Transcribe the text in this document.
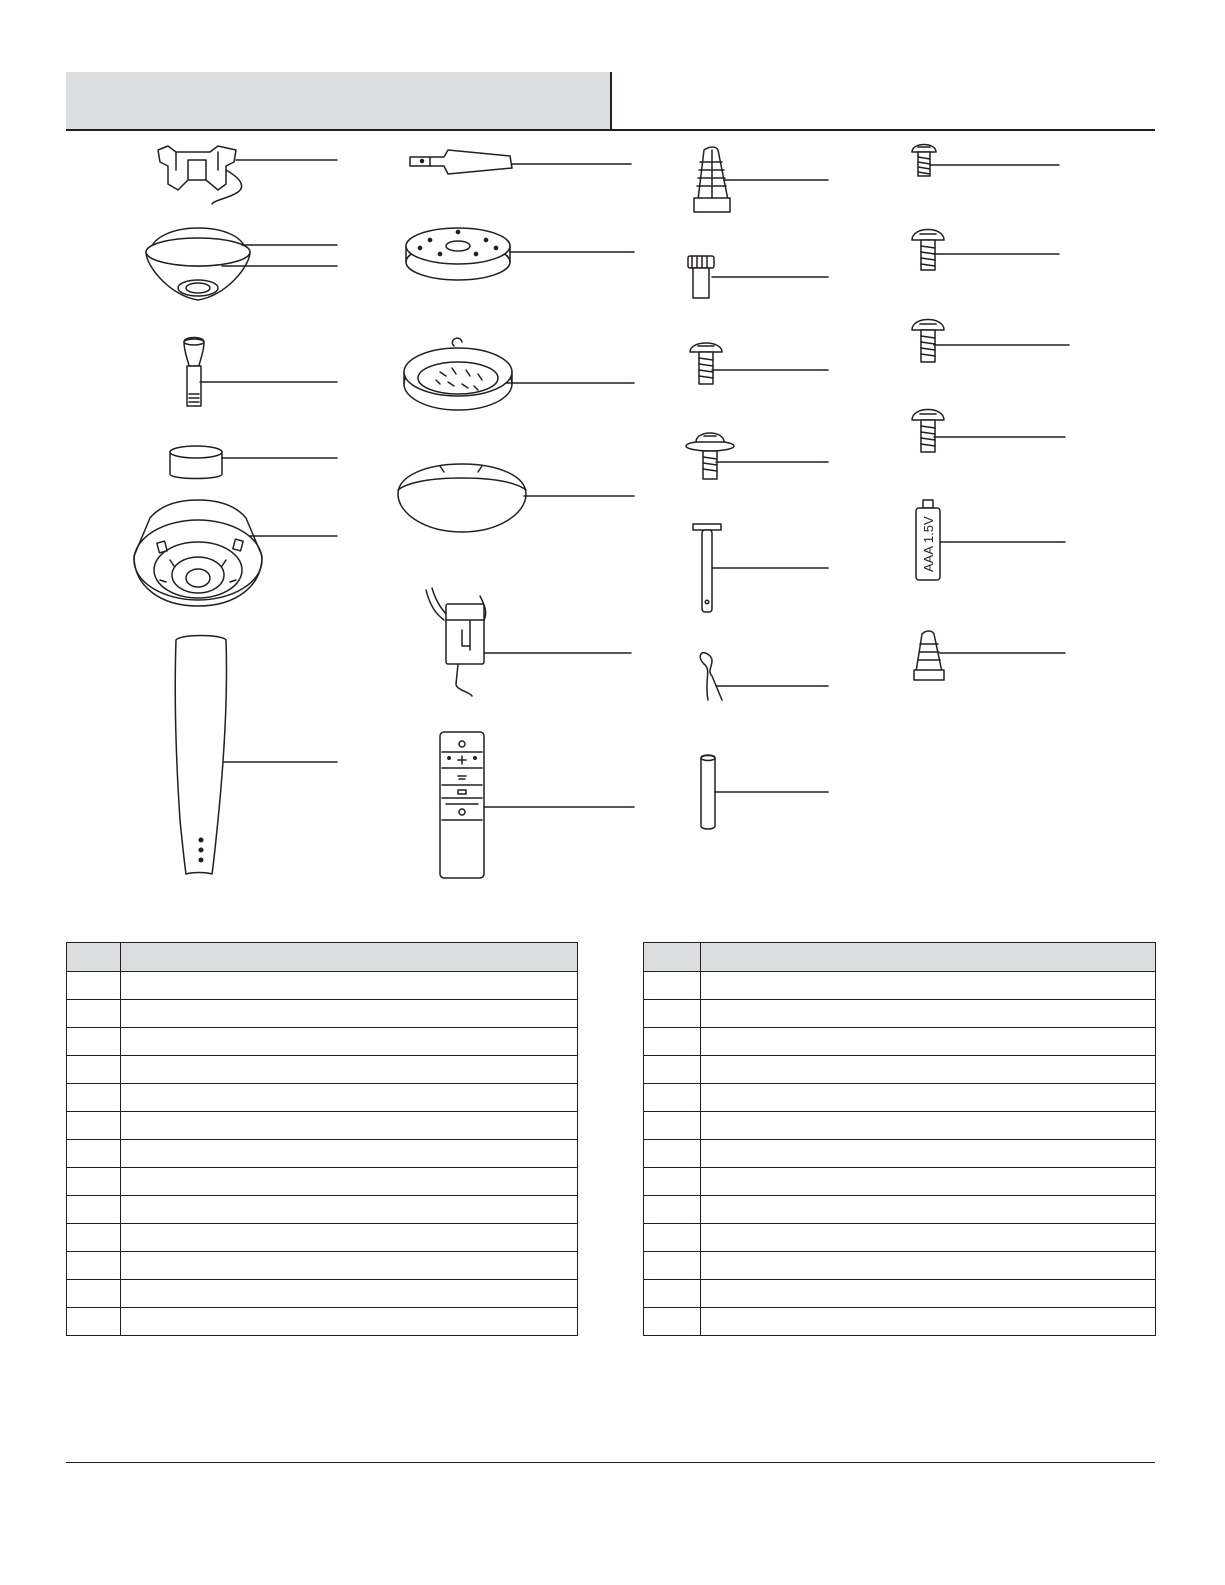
AAA 1.5V
